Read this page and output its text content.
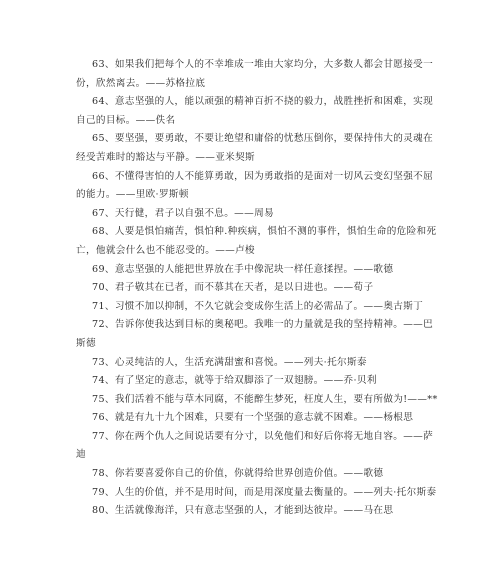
63、如果我们把每个人的不幸堆成一堆由大家均分，大多数人都会甘愿接受一份，欣然离去。——苏格拉底

64、意志坚强的人，能以顽强的精神百折不挠的毅力，战胜挫折和困难，实现自己的目标。——佚名

65、要坚强，要勇敢，不要让绝望和庸俗的忧愁压倒你，要保持伟大的灵魂在经受苦难时的豁达与平静。——亚米契斯

66、不懂得害怕的人不能算勇敢，因为勇敢指的是面对一切风云变幻坚强不屈的能力。——里欧·罗斯顿

67、天行健，君子以自强不息。——周易

68、人要是惧怕痛苦，惧怕种.种疾病，惧怕不测的事件，惧怕生命的危险和死亡，他就会什么也不能忍受的。——卢梭

69、意志坚强的人能把世界放在手中像泥块一样任意揉捏。——歌德

70、君子敬其在已者，而不慕其在天者，是以日进也。——荀子

71、习惯不加以抑制，不久它就会变成你生活上的必需品了。——奥古斯丁

72、告诉你使我达到目标的奥秘吧。我唯一的力量就是我的坚持精神。——巴斯德

73、心灵纯洁的人，生活充满甜蜜和喜悦。——列夫·托尔斯泰

74、有了坚定的意志，就等于给双脚添了一双翅膀。——乔·贝利

75、我们活着不能与草木同腐，不能醉生梦死，枉度人生，要有所做为!——**

76、就是有九十九个困难，只要有一个坚强的意志就不困难。——杨根思

77、你在两个仇人之间说话要有分寸，以免他们和好后你将无地自容。——萨迪

78、你若要喜爱你自己的价值，你就得给世界创造价值。——歌德

79、人生的价值，并不是用时间，而是用深度量去衡量的。——列夫·托尔斯泰

80、生活就像海洋，只有意志坚强的人，才能到达彼岸。——马在思
